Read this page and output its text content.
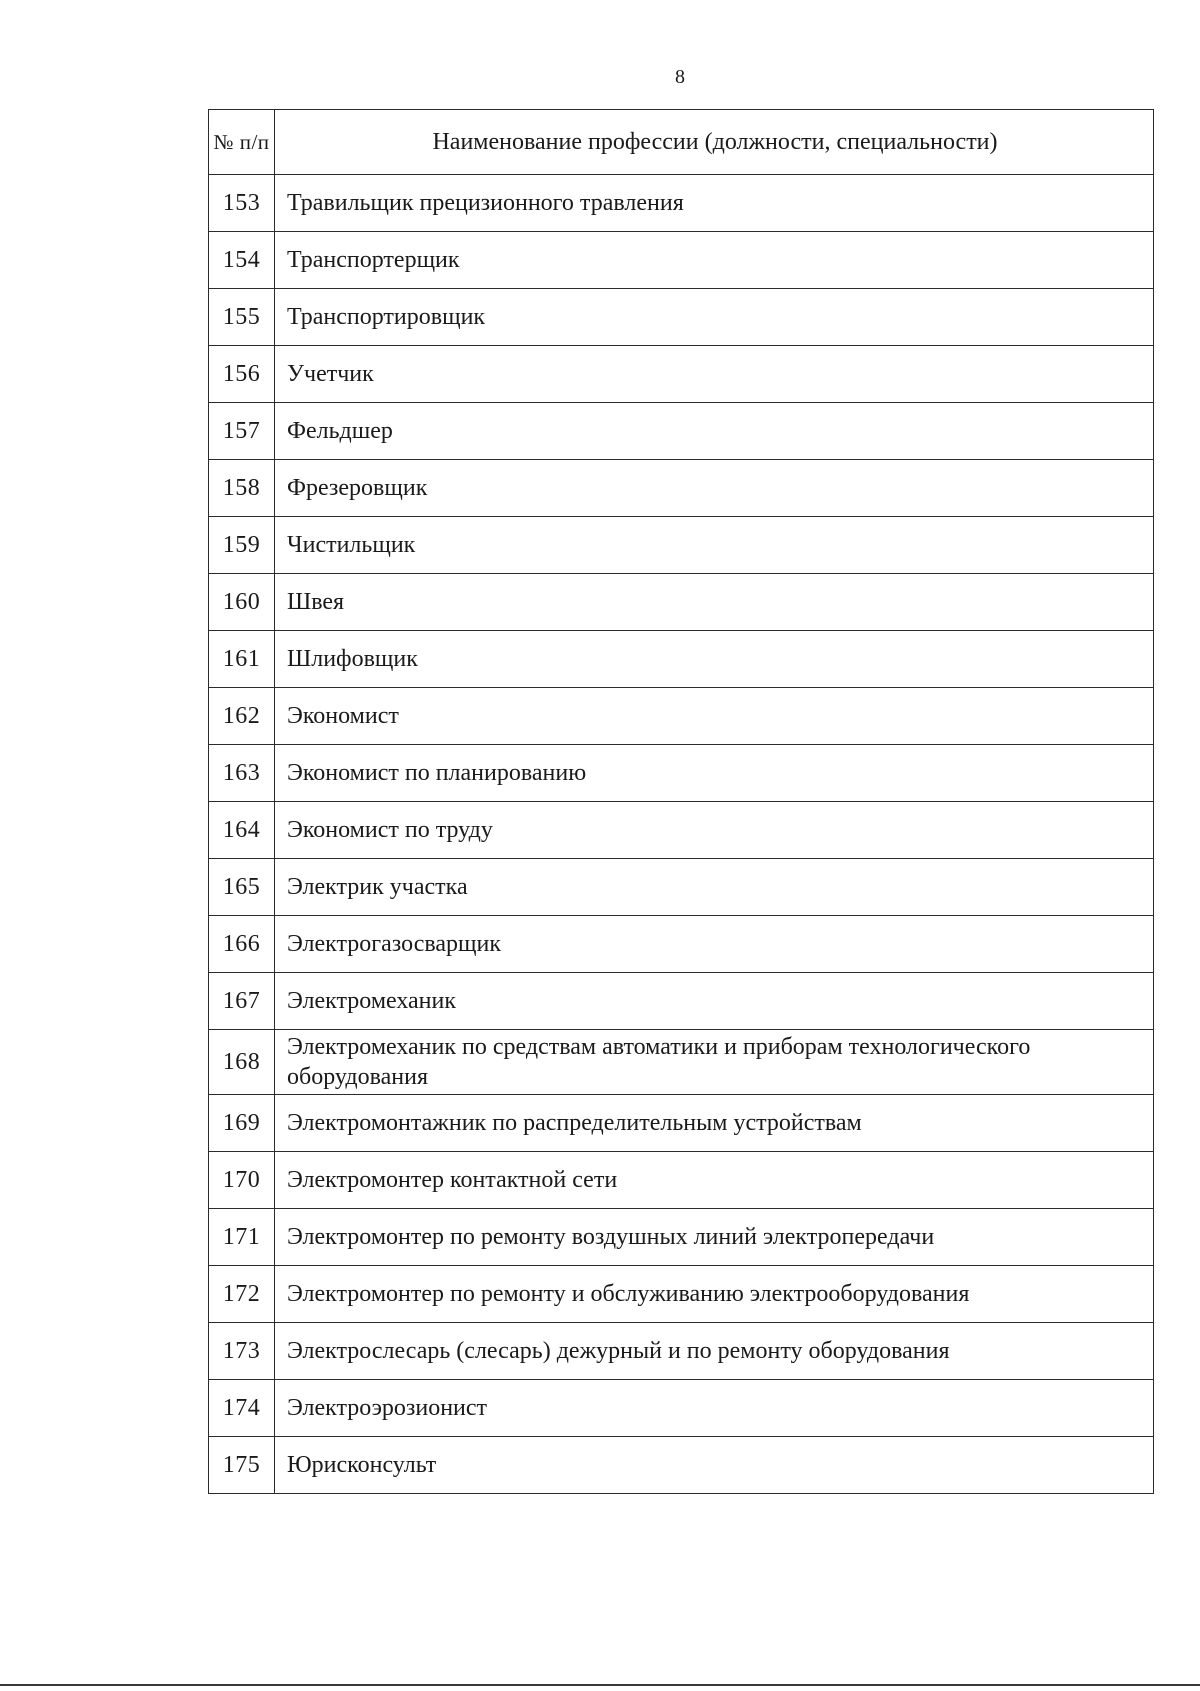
8
№ п/п	Наименование профессии (должности, специальности)
153	Травильщик прецизионного травления
154	Транспортерщик
155	Транспортировщик
156	Учетчик
157	Фельдшер
158	Фрезеровщик
159	Чистильщик
160	Швея
161	Шлифовщик
162	Экономист
163	Экономист по планированию
164	Экономист по труду
165	Электрик участка
166	Электрогазосварщик
167	Электромеханик
168	Электромеханик по средствам автоматики и приборам технологического оборудования
169	Электромонтажник по распределительным устройствам
170	Электромонтер контактной сети
171	Электромонтер по ремонту воздушных линий электропередачи
172	Электромонтер по ремонту и обслуживанию электрооборудования
173	Электрослесарь (слесарь) дежурный и по ремонту оборудования
174	Электроэрозионист
175	Юрисконсульт
